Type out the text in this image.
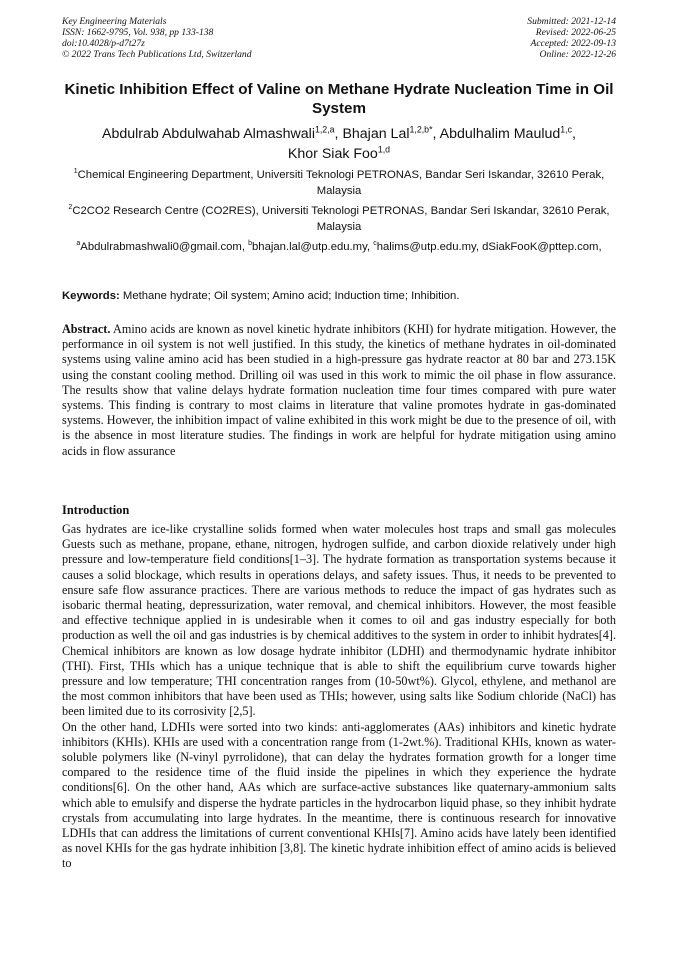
Key Engineering Materials
ISSN: 1662-9795, Vol. 938, pp 133-138
doi:10.4028/p-d7t27z
© 2022 Trans Tech Publications Ltd, Switzerland
Submitted: 2021-12-14
Revised: 2022-06-25
Accepted: 2022-09-13
Online: 2022-12-26
Kinetic Inhibition Effect of Valine on Methane Hydrate Nucleation Time in Oil System
Abdulrab Abdulwahab Almashwali$^{1,2,a}$, Bhajan Lal$^{1,2,b*}$, Abdulhalim Maulud$^{1,c}$,
Khor Siak Foo$^{1,d}$
$^1$Chemical Engineering Department, Universiti Teknologi PETRONAS, Bandar Seri Iskandar, 32610 Perak, Malaysia
$^2$C2CO2 Research Centre (CO2RES), Universiti Teknologi PETRONAS, Bandar Seri Iskandar, 32610 Perak, Malaysia
$^a$Abdulrabmashwali0@gmail.com, $^b$bhajan.lal@utp.edu.my, $^c$halims@utp.edu.my, dSiakFooK@pttep.com,
Keywords: Methane hydrate; Oil system; Amino acid; Induction time; Inhibition.
Abstract. Amino acids are known as novel kinetic hydrate inhibitors (KHI) for hydrate mitigation. However, the performance in oil system is not well justified. In this study, the kinetics of methane hydrates in oil-dominated systems using valine amino acid has been studied in a high-pressure gas hydrate reactor at 80 bar and 273.15K using the constant cooling method. Drilling oil was used in this work to mimic the oil phase in flow assurance. The results show that valine delays hydrate formation nucleation time four times compared with pure water systems. This finding is contrary to most claims in literature that valine promotes hydrate in gas-dominated systems. However, the inhibition impact of valine exhibited in this work might be due to the presence of oil, with is the absence in most literature studies. The findings in work are helpful for hydrate mitigation using amino acids in flow assurance
Introduction

Gas hydrates are ice-like crystalline solids formed when water molecules host traps and small gas molecules Guests such as methane, propane, ethane, nitrogen, hydrogen sulfide, and carbon dioxide relatively under high pressure and low-temperature field conditions[1–3]. The hydrate formation as transportation systems because it causes a solid blockage, which results in operations delays, and safety issues. Thus, it needs to be prevented to ensure safe flow assurance practices. There are various methods to reduce the impact of gas hydrates such as isobaric thermal heating, depressurization, water removal, and chemical inhibitors. However, the most feasible and effective technique applied in is undesirable when it comes to oil and gas industry especially for both production as well the oil and gas industries is by chemical additives to the system in order to inhibit hydrates[4]. Chemical inhibitors are known as low dosage hydrate inhibitor (LDHI) and thermodynamic hydrate inhibitor (THI). First, THIs which has a unique technique that is able to shift the equilibrium curve towards higher pressure and low temperature; THI concentration ranges from (10-50wt%). Glycol, ethylene, and methanol are the most common inhibitors that have been used as THIs; however, using salts like Sodium chloride (NaCl) has been limited due to its corrosivity [2,5].

On the other hand, LDHIs were sorted into two kinds: anti-agglomerates (AAs) inhibitors and kinetic hydrate inhibitors (KHIs). KHIs are used with a concentration range from (1-2wt.%). Traditional KHIs, known as water-soluble polymers like (N-vinyl pyrrolidone), that can delay the hydrates formation growth for a longer time compared to the residence time of the fluid inside the pipelines in which they experience the hydrate conditions[6]. On the other hand, AAs which are surface-active substances like quaternary-ammonium salts which able to emulsify and disperse the hydrate particles in the hydrocarbon liquid phase, so they inhibit hydrate crystals from accumulating into large hydrates. In the meantime, there is continuous research for innovative LDHIs that can address the limitations of current conventional KHIs[7]. Amino acids have lately been identified as novel KHIs for the gas hydrate inhibition [3,8]. The kinetic hydrate inhibition effect of amino acids is believed to
